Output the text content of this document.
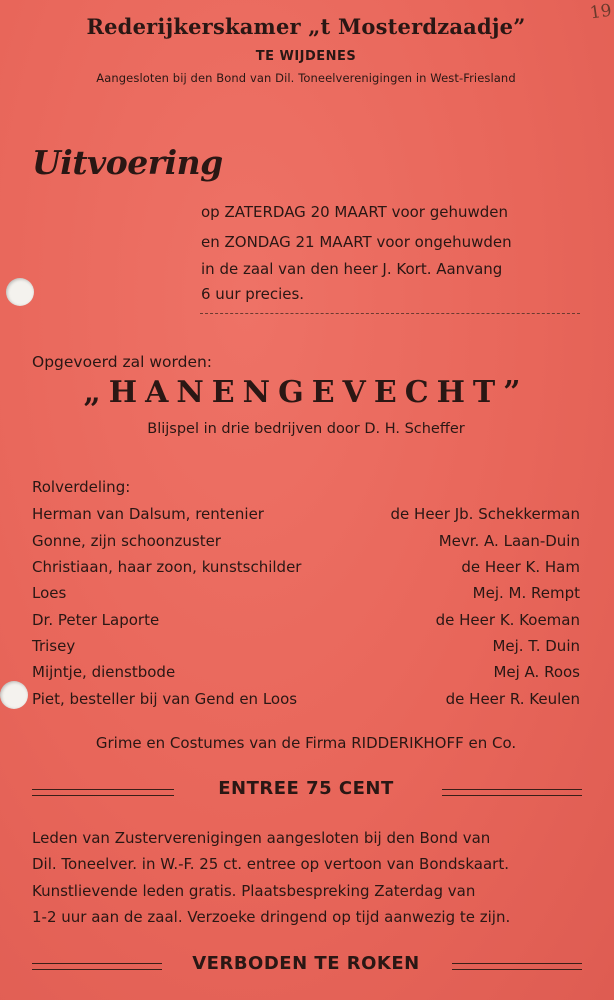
19
Rederijkerskamer „t Mosterdzaadje”
TE WIJDENES
Aangesloten bij den Bond van Dil. Toneelverenigingen in West-Friesland
Uitvoering
op ZATERDAG 20 MAART voor gehuwden
en ZONDAG 21 MAART voor ongehuwden
in de zaal van den heer J. Kort. Aanvang
6 uur precies.
Opgevoerd zal worden:
„HANENGEVECHT”
Blijspel in drie bedrijven door D. H. Scheffer
Rolverdeling:
Herman van Dalsum, rentenier	de Heer Jb. Schekkerman
Gonne, zijn schoonzuster	Mevr. A. Laan-Duin
Christiaan, haar zoon, kunstschilder	de Heer K. Ham
Loes	Mej. M. Rempt
Dr. Peter Laporte	de Heer K. Koeman
Trisey	Mej. T. Duin
Mijntje, dienstbode	Mej A. Roos
Piet, besteller bij van Gend en Loos	de Heer R. Keulen
Grime en Costumes van de Firma RIDDERIKHOFF en Co.
ENTREE 75 CENT
Leden van Zusterverenigingen aangesloten bij den Bond van
Dil. Toneelver. in W.-F. 25 ct. entree op vertoon van Bondskaart.
Kunstlievende leden gratis. Plaatsbespreking Zaterdag van
1-2 uur aan de zaal. Verzoeke dringend op tijd aanwezig te zijn.
VERBODEN TE ROKEN
